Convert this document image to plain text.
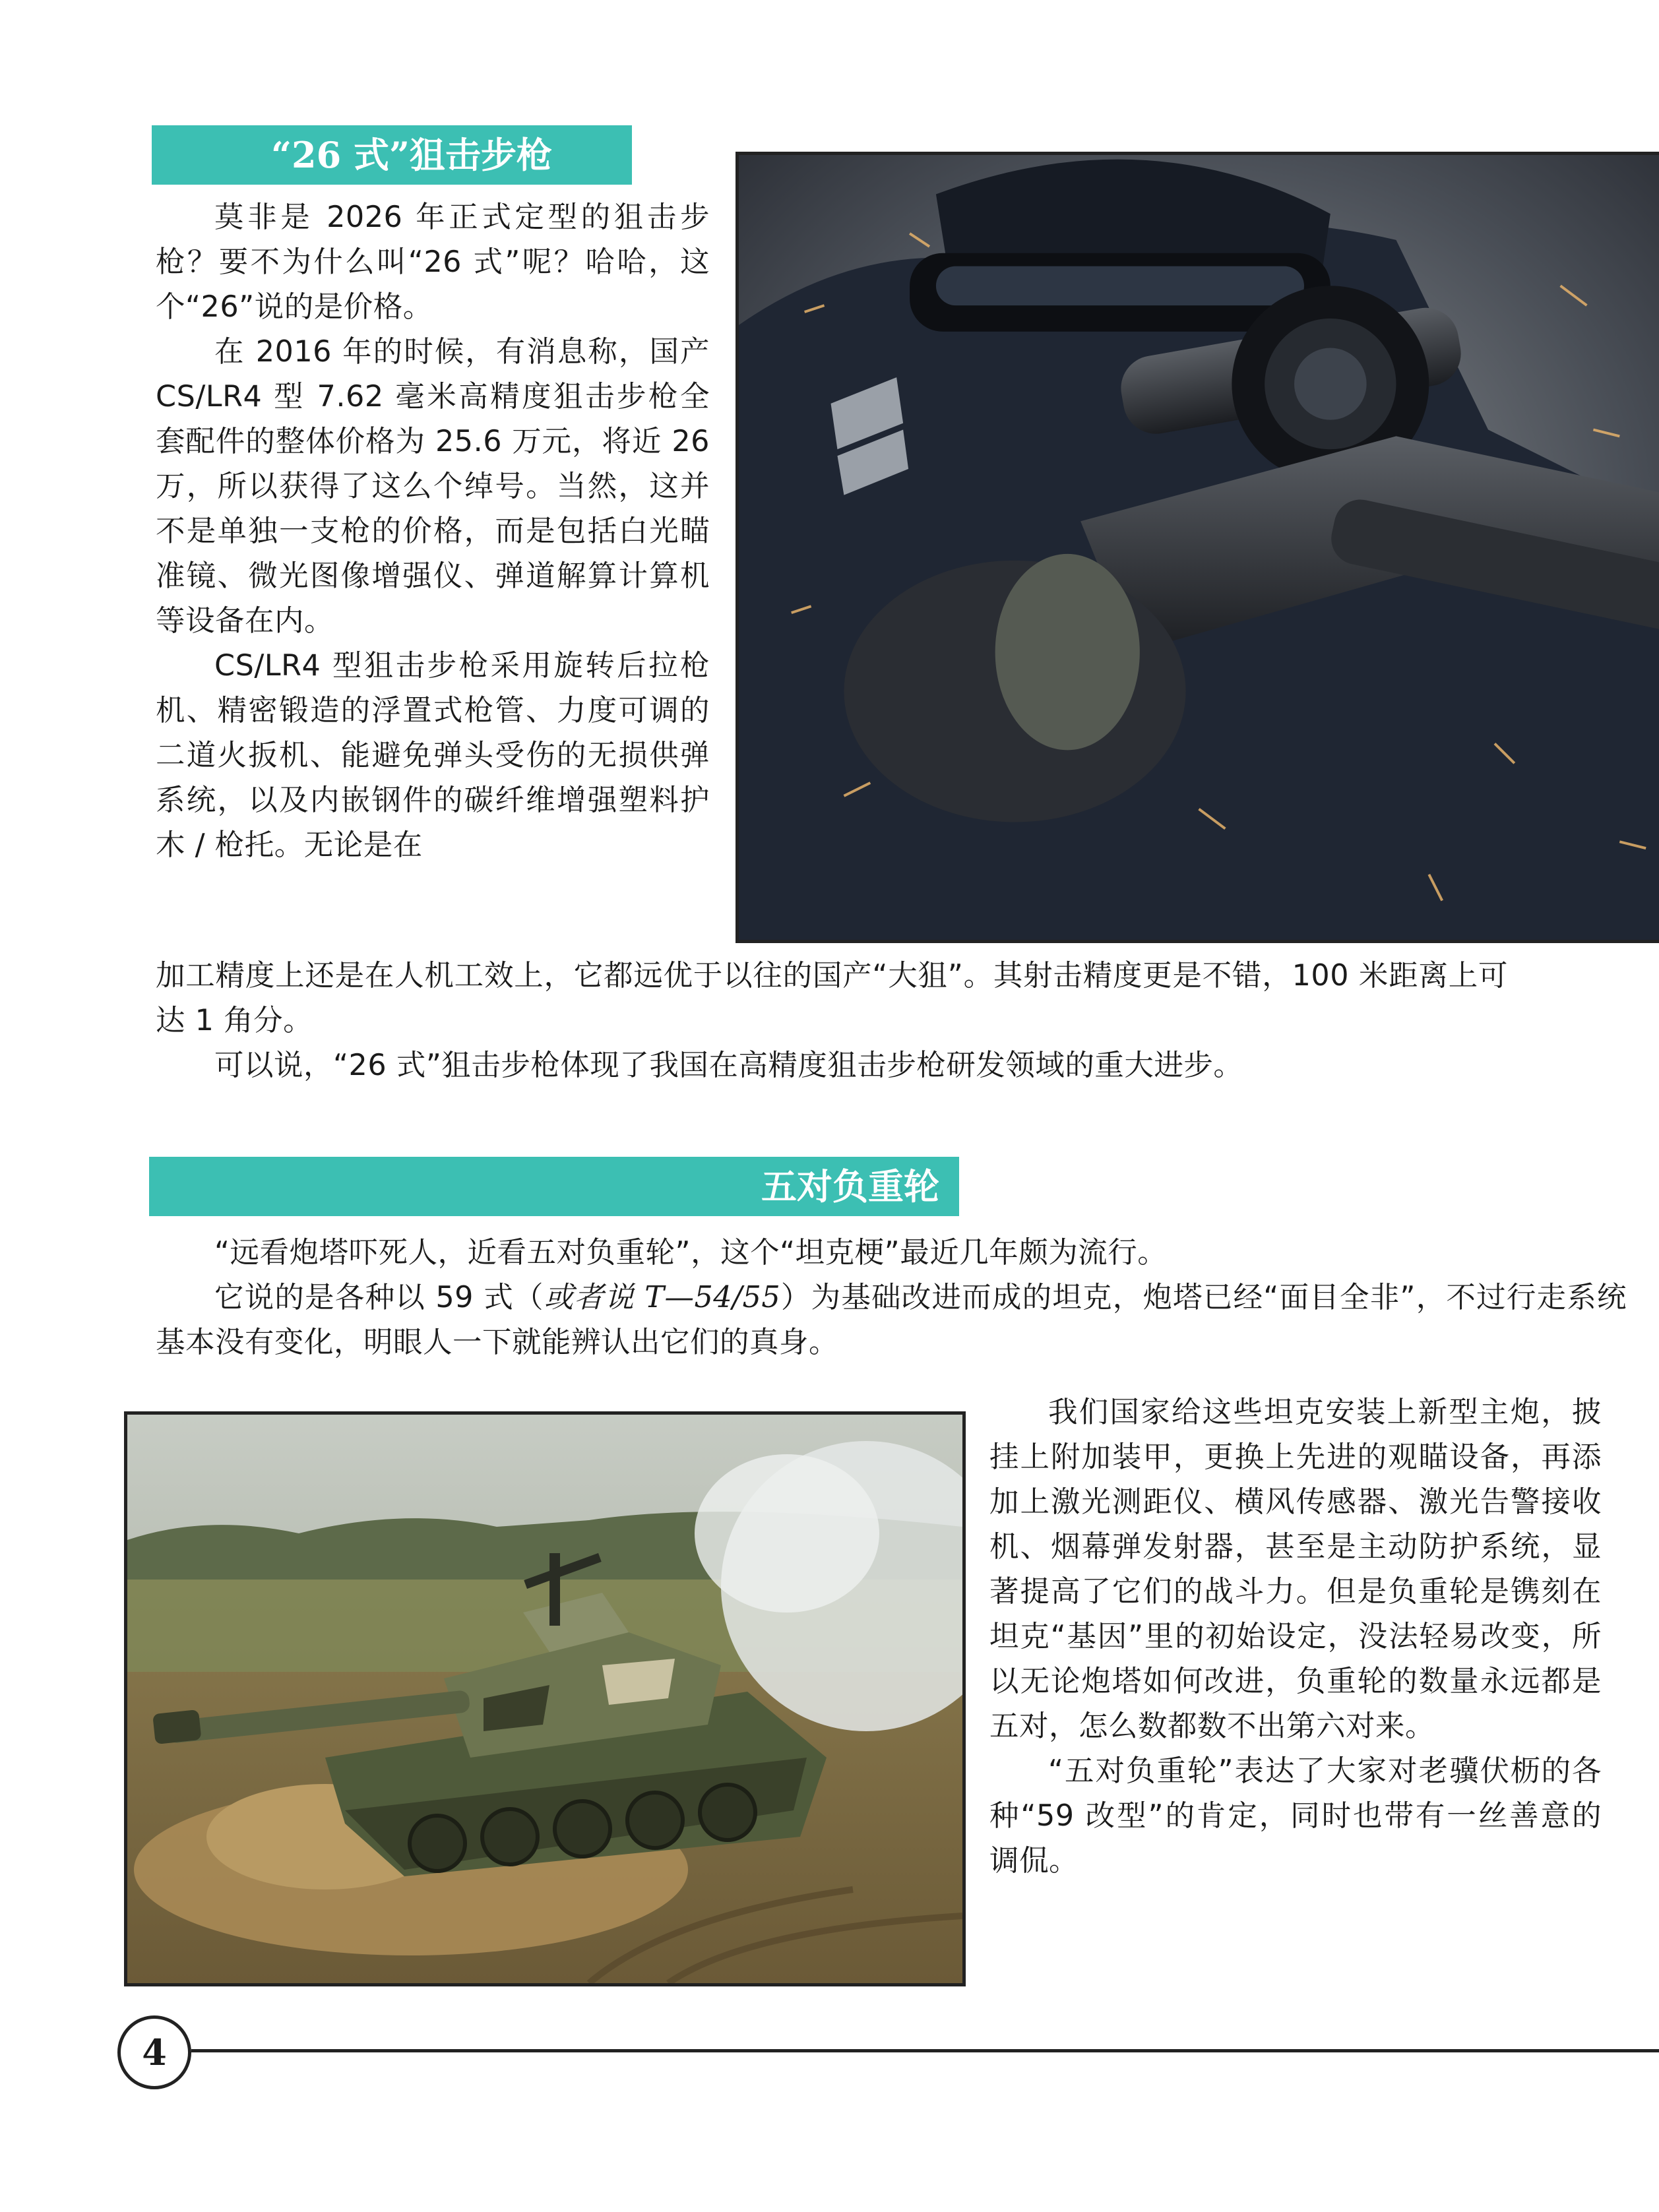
“26 式”狙击步枪

莫非是 2026 年正式定型的狙击步枪？要不为什么叫“26 式”呢？哈哈，这个“26”说的是价格。

在 2016 年的时候，有消息称，国产 CS/LR4 型 7.62 毫米高精度狙击步枪全套配件的整体价格为 25.6 万元，将近 26 万，所以获得了这么个绰号。当然，这并不是单独一支枪的价格，而是包括白光瞄准镜、微光图像增强仪、弹道解算计算机等设备在内。

CS/LR4 型狙击步枪采用旋转后拉枪机、精密锻造的浮置式枪管、力度可调的二道火扳机、能避免弹头受伤的无损供弹系统，以及内嵌钢件的碳纤维增强塑料护木 / 枪托。无论是在

加工精度上还是在人机工效上，它都远优于以往的国产“大狙”。其射击精度更是不错，100 米距离上可达 1 角分。

可以说，“26 式”狙击步枪体现了我国在高精度狙击步枪研发领域的重大进步。

五对负重轮

“远看炮塔吓死人，近看五对负重轮”，这个“坦克梗”最近几年颇为流行。

它说的是各种以 59 式（或者说 T—54/55）为基础改进而成的坦克，炮塔已经“面目全非”，不过行走系统基本没有变化，明眼人一下就能辨认出它们的真身。

我们国家给这些坦克安装上新型主炮，披挂上附加装甲，更换上先进的观瞄设备，再添加上激光测距仪、横风传感器、激光告警接收机、烟幕弹发射器，甚至是主动防护系统，显著提高了它们的战斗力。但是负重轮是镌刻在坦克“基因”里的初始设定，没法轻易改变，所以无论炮塔如何改进，负重轮的数量永远都是五对，怎么数都数不出第六对来。

“五对负重轮”表达了大家对老骥伏枥的各种“59 改型”的肯定，同时也带有一丝善意的调侃。

4
